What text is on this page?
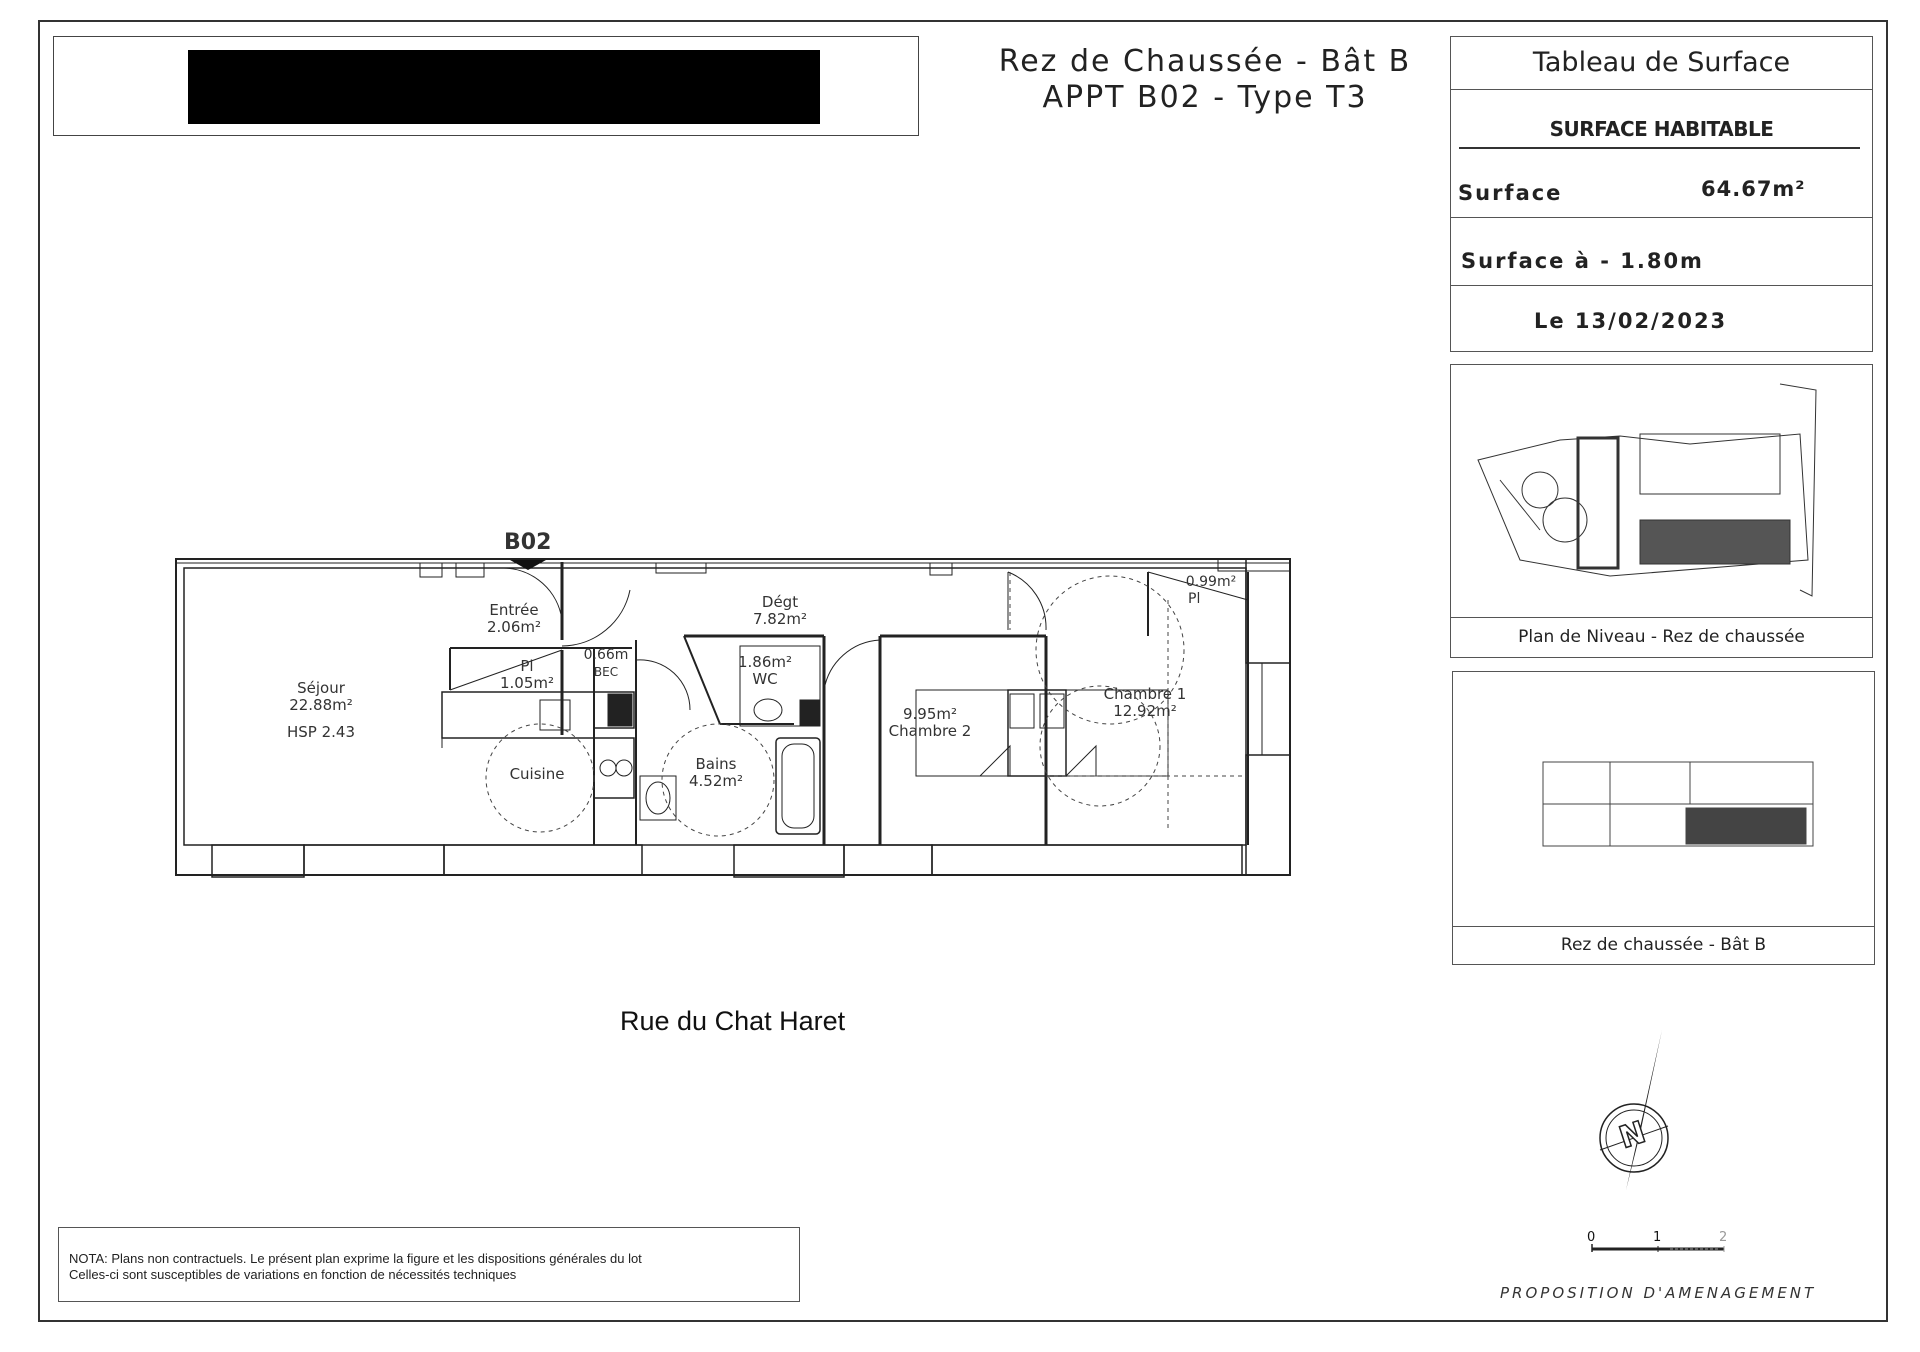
Rez de Chaussée - Bât B
APPT B02 - Type T3
Tableau de Surface
SURFACE HABITABLE
Surface	64.67m²
Surface à - 1.80m
Le 13/02/2023
Plan de Niveau - Rez de chaussée
Rez de chaussée - Bât B
B02
Séjour
22.88m²
HSP 2.43
Entrée
2.06m²
Pl
1.05m²
0.66m
BEC
Cuisine
Dégt
7.82m²
1.86m²
WC
Bains
4.52m²
9.95m²
Chambre 2
Chambre 1
12.92m²
0.99m²
Pl
Rue du Chat Haret
N
0	1	2
NOTA: Plans non contractuels. Le présent plan exprime la figure et les dispositions générales du lot
Celles-ci sont susceptibles de variations en fonction de nécessités techniques
PROPOSITION D'AMENAGEMENT
